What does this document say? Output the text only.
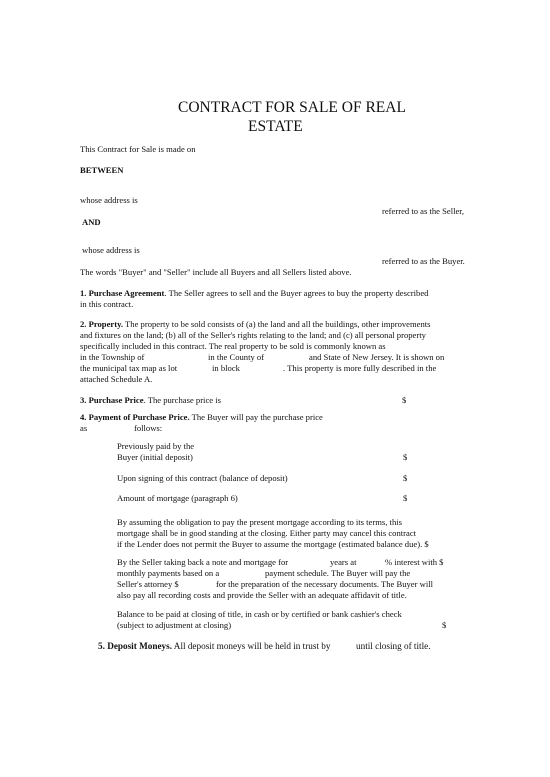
CONTRACT FOR SALE OF REAL
ESTATE
This Contract for Sale is made on
BETWEEN
whose address is
referred to as the Seller,
AND
whose address is
referred to as the Buyer.
The words "Buyer" and "Seller" include all Buyers and all Sellers listed above.
1. Purchase Agreement. The Seller agrees to sell and the Buyer agrees to buy the property described
in this contract.
2. Property. The property to be sold consists of (a) the land and all the buildings, other improvements
and fixtures on the land; (b) all of the Seller's rights relating to the land; and (c) all personal property
specifically included in this contract. The real property to be sold is commonly known as
in the Township of	in the County of	and State of New Jersey. It is shown on
the municipal tax map as lot	in block	. This property is more fully described in the
attached Schedule A.
3. Purchase Price. The purchase price is	$
4. Payment of Purchase Price. The Buyer will pay the purchase price
as	follows:
Previously paid by the
Buyer (initial deposit)	$
Upon signing of this contract (balance of deposit)	$
Amount of mortgage (paragraph 6)	$
By assuming the obligation to pay the present mortgage according to its terms, this
mortgage shall be in good standing at the closing. Either party may cancel this contract
if the Lender does not permit the Buyer to assume the mortgage (estimated balance due). $
By the Seller taking back a note and mortgage for	years at	% interest with $
monthly payments based on a	payment schedule. The Buyer will pay the
Seller's attorney $	for the preparation of the necessary documents. The Buyer will
also pay all recording costs and provide the Seller with an adequate affidavit of title.
Balance to be paid at closing of title, in cash or by certified or bank cashier's check
(subject to adjustment at closing)	$
5. Deposit Moneys. All deposit moneys will be held in trust by	until closing of title.
